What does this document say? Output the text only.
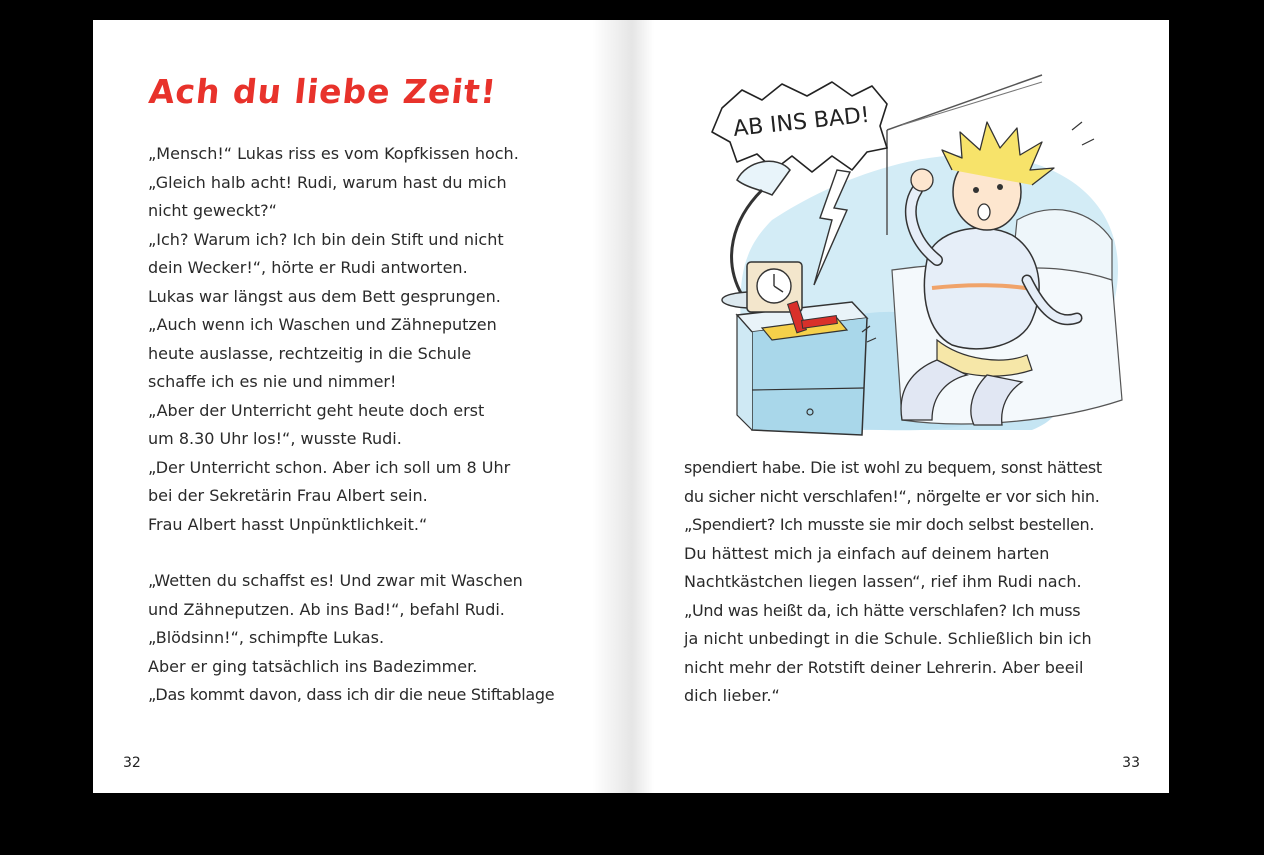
Ach du liebe Zeit!

„Mensch!“ Lukas riss es vom Kopfkissen hoch.
„Gleich halb acht! Rudi, warum hast du mich
nicht geweckt?“
„Ich? Warum ich? Ich bin dein Stift und nicht
dein Wecker!“, hörte er Rudi antworten.
Lukas war längst aus dem Bett gesprungen.
„Auch wenn ich Waschen und Zähneputzen
heute auslasse, rechtzeitig in die Schule
schaffe ich es nie und nimmer!
„Aber der Unterricht geht heute doch erst
um 8.30 Uhr los!“, wusste Rudi.
„Der Unterricht schon. Aber ich soll um 8 Uhr
bei der Sekretärin Frau Albert sein.
Frau Albert hasst Unpünktlichkeit.“

„Wetten du schaffst es! Und zwar mit Waschen
und Zähneputzen. Ab ins Bad!“, befahl Rudi.
„Blödsinn!“, schimpfte Lukas.
Aber er ging tatsächlich ins Badezimmer.
„Das kommt davon, dass ich dir die neue Stiftablage

32
AB INS BAD!

spendiert habe. Die ist wohl zu bequem, sonst hättest
du sicher nicht verschlafen!“, nörgelte er vor sich hin.
„Spendiert? Ich musste sie mir doch selbst bestellen.
Du hättest mich ja einfach auf deinem harten
Nachtkästchen liegen lassen“, rief ihm Rudi nach.
„Und was heißt da, ich hätte verschlafen? Ich muss
ja nicht unbedingt in die Schule. Schließlich bin ich
nicht mehr der Rotstift deiner Lehrerin. Aber beeil
dich lieber.“

33
